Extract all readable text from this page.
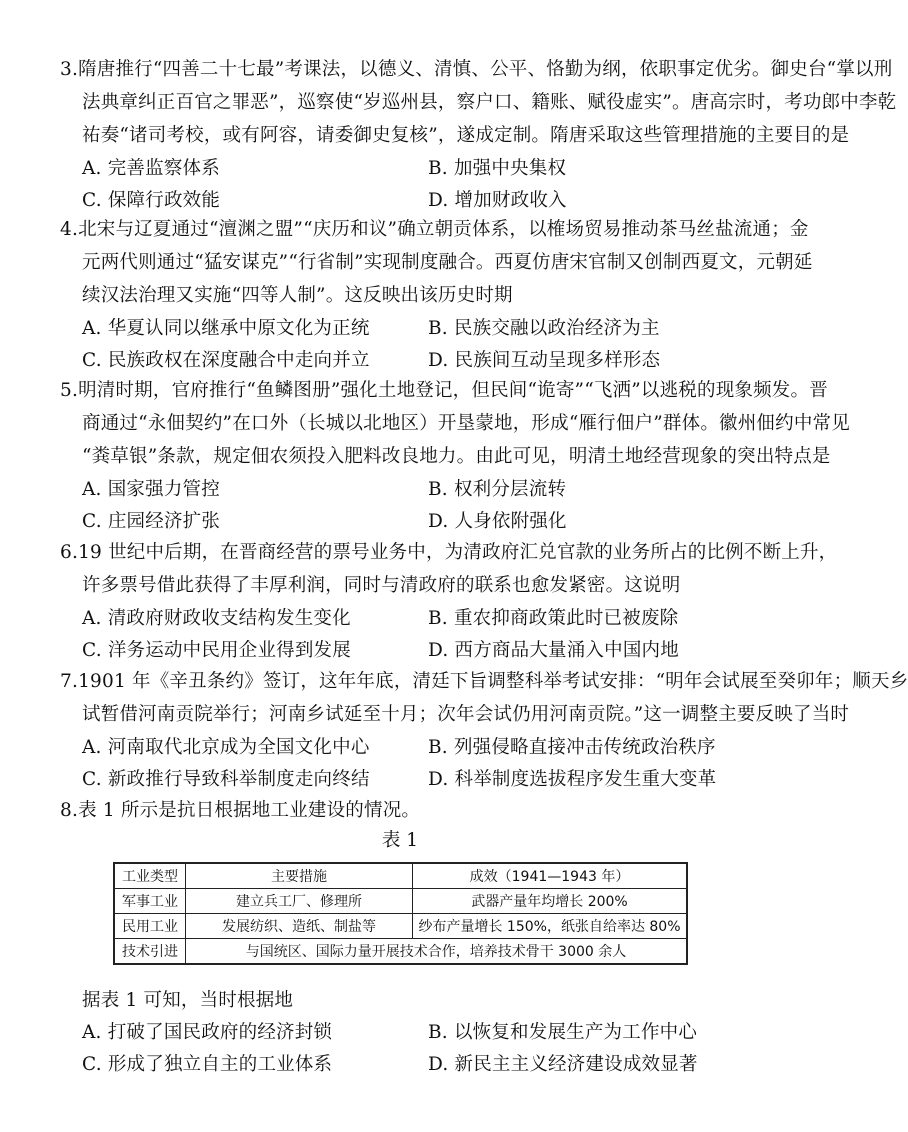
3.隋唐推行“四善二十七最”考课法，以德义、清慎、公平、恪勤为纲，依职事定优劣。御史台“掌以刑
法典章纠正百官之罪恶”，巡察使“岁巡州县，察户口、籍账、赋役虚实”。唐高宗时，考功郎中李乾
祐奏“诸司考校，或有阿容，请委御史复核”，遂成定制。隋唐采取这些管理措施的主要目的是
A. 完善监察体系	B. 加强中央集权
C. 保障行政效能	D. 增加财政收入
4.北宋与辽夏通过“澶渊之盟”“庆历和议”确立朝贡体系，以榷场贸易推动茶马丝盐流通；金
元两代则通过“猛安谋克”“行省制”实现制度融合。西夏仿唐宋官制又创制西夏文，元朝延
续汉法治理又实施“四等人制”。这反映出该历史时期
A. 华夏认同以继承中原文化为正统	B. 民族交融以政治经济为主
C. 民族政权在深度融合中走向并立	D. 民族间互动呈现多样形态
5.明清时期，官府推行“鱼鳞图册”强化土地登记，但民间“诡寄”“飞洒”以逃税的现象频发。晋
商通过“永佃契约”在口外（长城以北地区）开垦蒙地，形成“雁行佃户”群体。徽州佃约中常见
“粪草银”条款，规定佃农须投入肥料改良地力。由此可见，明清土地经营现象的突出特点是
A. 国家强力管控	B. 权利分层流转
C. 庄园经济扩张	D. 人身依附强化
6.19 世纪中后期，在晋商经营的票号业务中，为清政府汇兑官款的业务所占的比例不断上升，
许多票号借此获得了丰厚利润，同时与清政府的联系也愈发紧密。这说明
A. 清政府财政收支结构发生变化	B. 重农抑商政策此时已被废除
C. 洋务运动中民用企业得到发展	D. 西方商品大量涌入中国内地
7.1901 年《辛丑条约》签订，这年年底，清廷下旨调整科举考试安排：“明年会试展至癸卯年；顺天乡
试暂借河南贡院举行；河南乡试延至十月；次年会试仍用河南贡院。”这一调整主要反映了当时
A. 河南取代北京成为全国文化中心	B. 列强侵略直接冲击传统政治秩序
C. 新政推行导致科举制度走向终结	D. 科举制度选拔程序发生重大变革
8.表 1 所示是抗日根据地工业建设的情况。
表 1
工业类型	主要措施	成效（1941—1943 年）
军事工业	建立兵工厂、修理所	武器产量年均增长 200%
民用工业	发展纺织、造纸、制盐等	纱布产量增长 150%，纸张自给率达 80%
技术引进	与国统区、国际力量开展技术合作，培养技术骨干 3000 余人	
据表 1 可知，当时根据地
A. 打破了国民政府的经济封锁	B. 以恢复和发展生产为工作中心
C. 形成了独立自主的工业体系	D. 新民主主义经济建设成效显著
